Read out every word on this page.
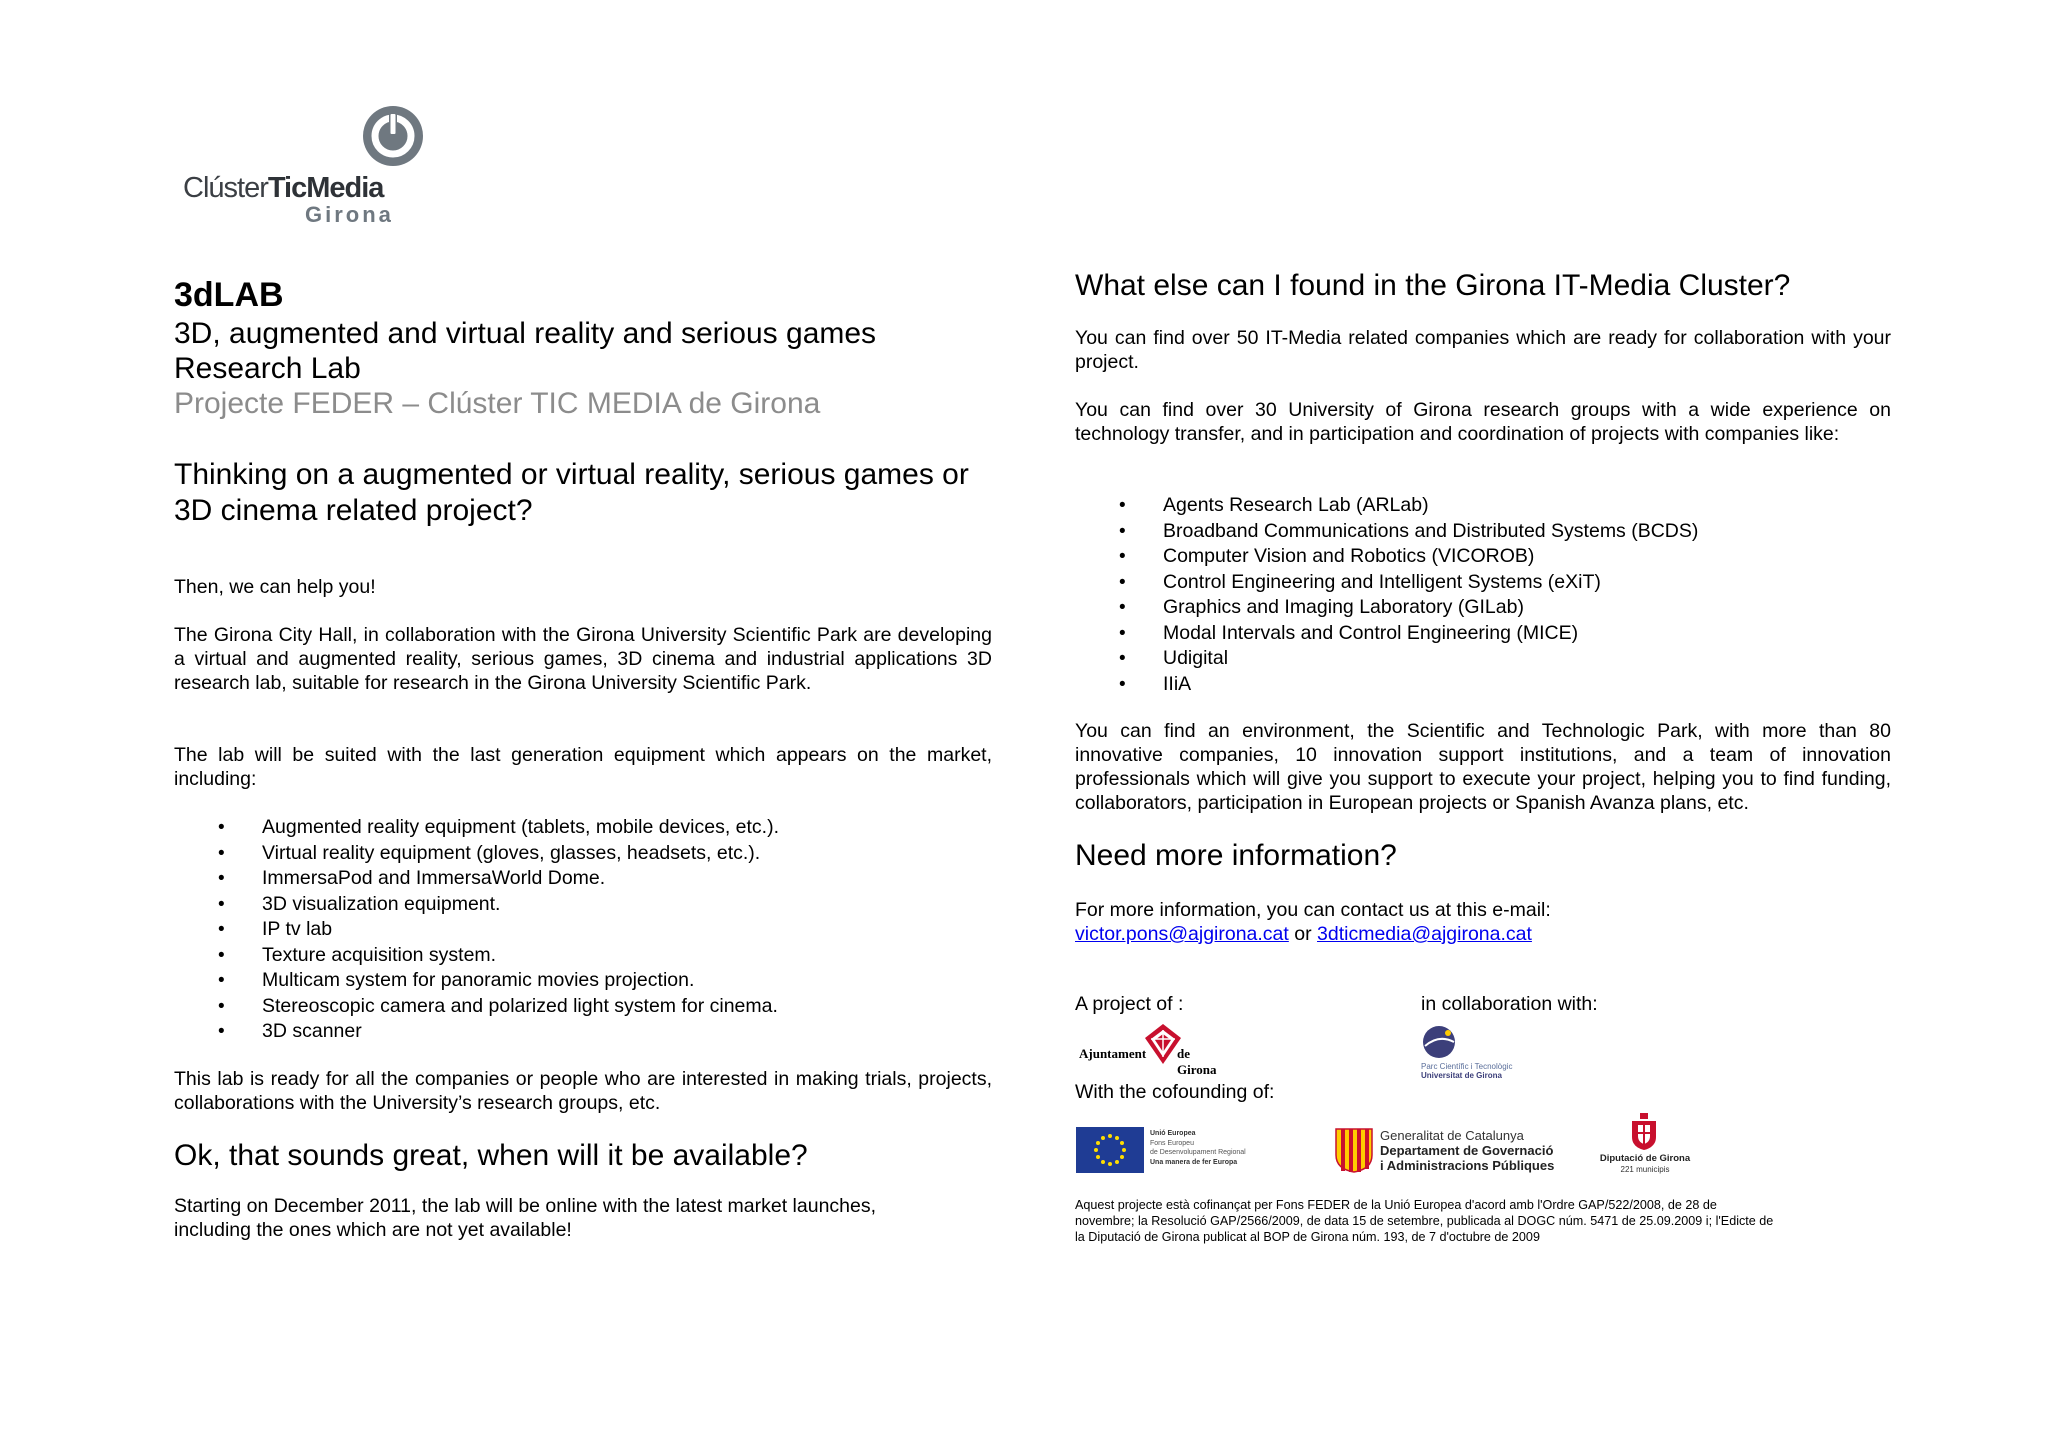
ClústerTicMedia
Girona
3dLAB
3D, augmented and virtual reality and serious games
Research Lab
Projecte FEDER – Clúster TIC MEDIA de Girona
Thinking on a augmented or virtual reality, serious games or
3D cinema related project?
Then, we can help you!
The Girona City Hall, in collaboration with the Girona University Scientific Park are developing a virtual and augmented reality, serious games, 3D cinema and industrial applications 3D research lab, suitable for research in the Girona University Scientific Park.
The lab will be suited with the last generation equipment which appears on the market, including:
• Augmented reality equipment (tablets, mobile devices, etc.).
• Virtual reality equipment (gloves, glasses, headsets, etc.).
• ImmersaPod and ImmersaWorld Dome.
• 3D visualization equipment.
• IP tv lab
• Texture acquisition system.
• Multicam system for panoramic movies projection.
• Stereoscopic camera and polarized light system for cinema.
• 3D scanner
This lab is ready for all the companies or people who are interested in making trials, projects, collaborations with the University’s research groups, etc.
Ok, that sounds great, when will it be available?
Starting on December 2011, the lab will be online with the latest market launches,
including the ones which are not yet available!
What else can I found in the Girona IT-Media Cluster?
You can find over 50 IT-Media related companies which are ready for collaboration with your project.
You can find over 30 University of Girona research groups with a wide experience on technology transfer, and in participation and coordination of projects with companies like:
• Agents Research Lab (ARLab)
• Broadband Communications and Distributed Systems (BCDS)
• Computer Vision and Robotics (VICOROB)
• Control Engineering and Intelligent Systems (eXiT)
• Graphics and Imaging Laboratory (GILab)
• Modal Intervals and Control Engineering (MICE)
• Udigital
• IIiA
You can find an environment, the Scientific and Technologic Park, with more than 80 innovative companies, 10 innovation support institutions, and a team of innovation professionals which will give you support to execute your project, helping you to find funding, collaborators, participation in European projects or Spanish Avanza plans, etc.
Need more information?
For more information, you can contact us at this e-mail:
victor.pons@ajgirona.cat or 3dticmedia@ajgirona.cat
A project of :	in collaboration with:
Ajuntament de Girona	Parc Científic i Tecnològic
Universitat de Girona
With the cofounding of:
Unió Europea
Fons Europeu
de Desenvolupament Regional
Una manera de fer Europa
Generalitat de Catalunya
Departament de Governació
i Administracions Públiques	Diputació de Girona
221 municipis
Aquest projecte està cofinançat per Fons FEDER de la Unió Europea d'acord amb l'Ordre GAP/522/2008, de 28 de novembre; la Resolució GAP/2566/2009, de data 15 de setembre, publicada al DOGC núm. 5471 de 25.09.2009 i; l'Edicte de la Diputació de Girona publicat al BOP de Girona núm. 193, de 7 d'octubre de 2009
